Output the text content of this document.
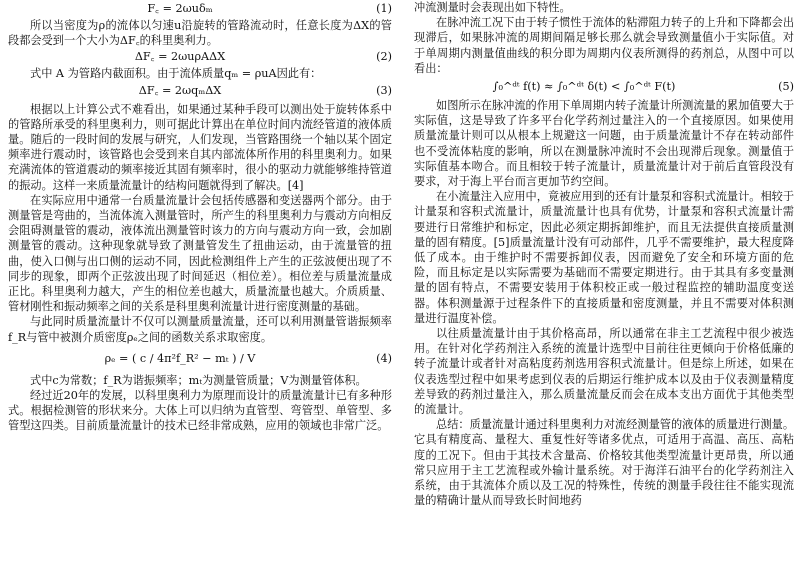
F꜀ = 2ωuδₘ	(1)

所以当密度为ρ的流体以匀速u沿旋转的管路流动时，任意长度为ΔX的管段都会受到一个大小为ΔF꜀的科里奥利力。

ΔF꜀ = 2ωuρAΔX	(2)

式中 A 为管路内截面积。由于流体质量qₘ = ρuA因此有：

ΔF꜀ = 2ωqₘΔX	(3)

根据以上计算公式不难看出，如果通过某种手段可以测出处于旋转体系中的管路所承受的科里奥利力，则可据此计算出在单位时间内流经管道的液体质量。随后的一段时间的发展与研究，人们发现，当管路围绕一个轴以某个固定频率进行震动时，该管路也会受到来自其内部流体所作用的科里奥利力。如果充满流体的管道震动的频率接近其固有频率时，很小的驱动力就能够维持管道的振动。这样一来质量流量计的结构问题就得到了解决。[4]

在实际应用中通常一台质量流量计会包括传感器和变送器两个部分。由于测量管是弯曲的，当流体流入测量管时，所产生的科里奥利力与震动方向相反会阻碍测量管的震动，液体流出测量管时该力的方向与震动方向一致，会加剧测量管的震动。这种现象就导致了测量管发生了扭曲运动，由于流量管的扭曲，使入口侧与出口侧的运动不同，因此检测组件上产生的正弦波便出现了不同步的现象，即两个正弦波出现了时间延迟（相位差）。相位差与质量流量成正比。科里奥利力越大，产生的相位差也越大，质量流量也越大。介质质量、管材刚性和振动频率之间的关系是科里奥利流量计进行密度测量的基础。

与此同时质量流量计不仅可以测量质量流量，还可以利用测量管谐振频率f_R与管中被测介质密度ρₑ之间的函数关系求取密度。

ρₑ = ( c / 4π²f_R² − mₜ ) / V	(4)

式中c为常数；f_R为谐振频率；mₜ为测量管质量；V为测量管体积。

经过近20年的发展，以科里奥利力为原理而设计的质量流量计已有多种形式。根据检测管的形状来分。大体上可以归纳为直管型、弯管型、单管型、多管型这四类。目前质量流量计的技术已经非常成熟，应用的领域也非常广泛。

冲流测量时会表现出如下特性。

在脉冲流工况下由于转子惯性于流体的粘滞阻力转子的上升和下降都会出现滞后，如果脉冲流的周期间隔足够长那么就会导致测量值小于实际值。对于单周期内测量值曲线的积分即为周期内仪表所测得的药剂总，从图中可以看出：

∫₀^ᵈᵗ f(t) ≈ ∫₀^ᵈᵗ δ(t) < ∫₀^ᵈᵗ F(t)	(5)

如图所示在脉冲流的作用下单周期内转子流量计所测流量的累加值要大于实际值，这是导致了许多平台化学药剂过量注入的一个直接原因。如果使用质量流量计则可以从根本上规避这一问题，由于质量流量计不存在转动部件也不受流体粘度的影响，所以在测量脉冲流时不会出现滞后现象。测量值于实际值基本吻合。而且相较于转子流量计，质量流量计对于前后直管段没有要求，对于海上平台而言更加节约空间。

在小流量注入应用中，竟被应用到的还有计量泵和容积式流量计。相较于计量泵和容积式流量计，质量流量计也具有优势，计量泵和容积式流量计需要进行日常维护和标定，因此必须定期拆卸维护，而且无法提供直接质量测量的固有精度。[5]质量流量计没有可动部件，几乎不需要维护，最大程度降低了成本。由于维护时不需要拆卸仪表，因而避免了安全和环境方面的危险，而且标定是以实际需要为基础而不需要定期进行。由于其具有多变量测量的固有特点，不需要安装用于体积校正或一般过程监控的辅助温度变送器。体积测量源于过程条件下的直接质量和密度测量，并且不需要对体积测量进行温度补偿。

以往质量流量计由于其价格高昂，所以通常在非主工艺流程中很少被选用。在针对化学药剂注入系统的流量计选型中目前往往更倾向于价格低廉的转子流量计或者针对高粘度药剂选用容积式流量计。但是综上所述，如果在仪表选型过程中如果考虑到仪表的后期运行维护成本以及由于仪表测量精度差导致的药剂过量注入，那么质量流量反而会在成本支出方面优于其他类型的流量计。

总结：质量流量计通过科里奥利力对流经测量管的液体的质量进行测量。它具有精度高、量程大、重复性好等诸多优点，可适用于高温、高压、高粘度的工况下。但由于其技术含量高、价格较其他类型流量计更昂贵，所以通常只应用于主工艺流程或外输计量系统。对于海洋石油平台的化学药剂注入系统，由于其流体介质以及工况的特殊性，传统的测量手段往往不能实现流量的精确计量从而导致长时间地药
